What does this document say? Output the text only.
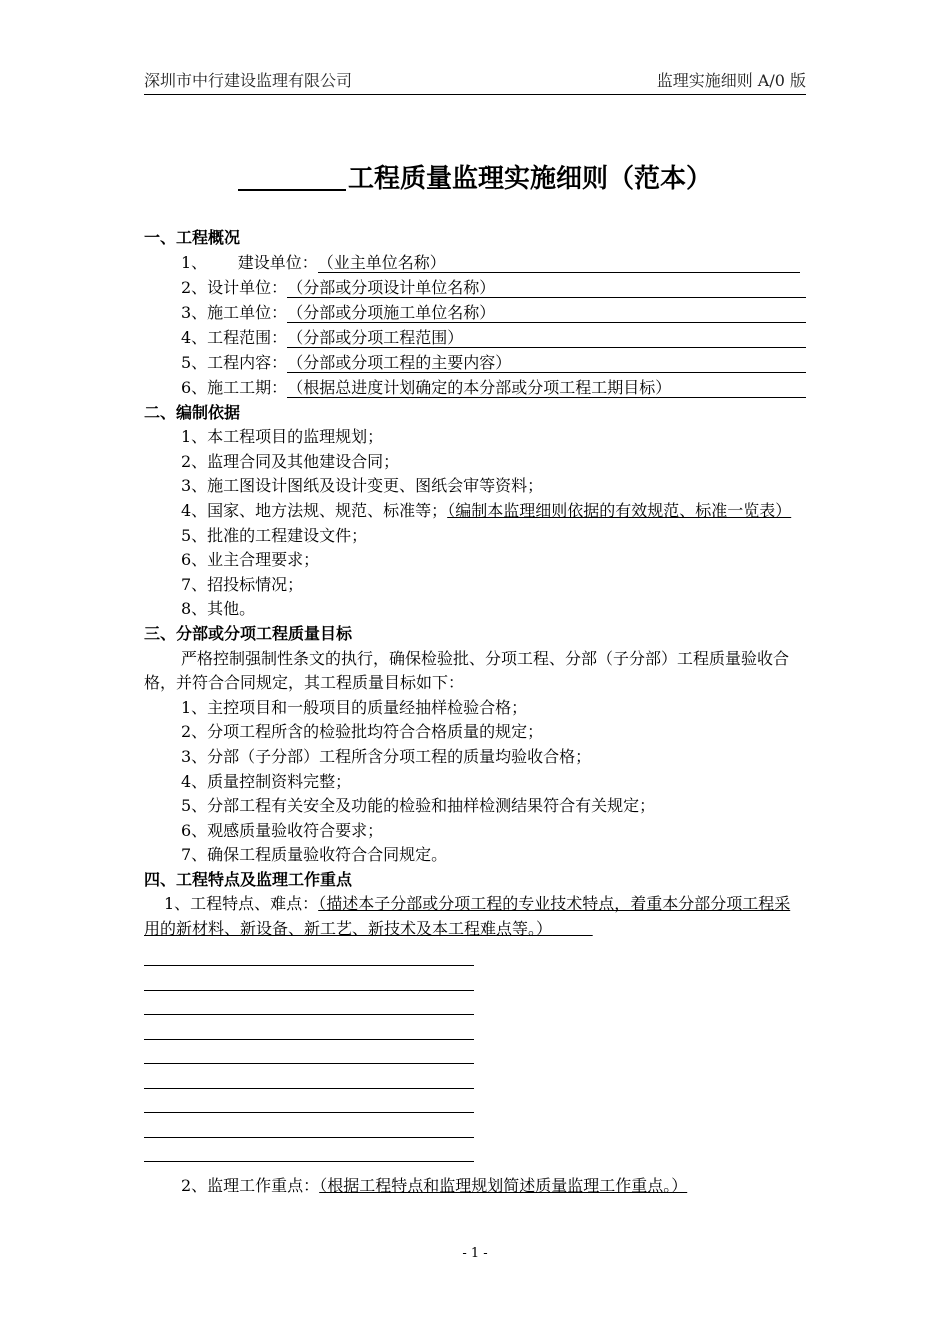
深圳市中行建设监理有限公司	监理实施细则 A/0 版
工程质量监理实施细则（范本）
一、工程概况
1、      建设单位： （业主单位名称）
2、设计单位： （分部或分项设计单位名称）
3、施工单位： （分部或分项施工单位名称）
4、工程范围： （分部或分项工程范围）
5、工程内容： （分部或分项工程的主要内容）
6、施工工期： （根据总进度计划确定的本分部或分项工程工期目标）
二、编制依据
1、本工程项目的监理规划；
2、监理合同及其他建设合同；
3、施工图设计图纸及设计变更、图纸会审等资料；
4、国家、地方法规、规范、标准等；（编制本监理细则依据的有效规范、标准一览表）
5、批准的工程建设文件；
6、业主合理要求；
7、招投标情况；
8、其他。
三、分部或分项工程质量目标
严格控制强制性条文的执行，确保检验批、分项工程、分部（子分部）工程质量验收合格，并符合合同规定，其工程质量目标如下：
1、主控项目和一般项目的质量经抽样检验合格；
2、分项工程所含的检验批均符合合格质量的规定；
3、分部（子分部）工程所含分项工程的质量均验收合格；
4、质量控制资料完整；
5、分部工程有关安全及功能的检验和抽样检测结果符合有关规定；
6、观感质量验收符合要求；
7、确保工程质量验收符合合同规定。
四、工程特点及监理工作重点
1、工程特点、难点：（描述本子分部或分项工程的专业技术特点，着重本分部分项工程采用的新材料、新设备、新工艺、新技术及本工程难点等。）
2、监理工作重点：（根据工程特点和监理规划简述质量监理工作重点。）
- 1 -
